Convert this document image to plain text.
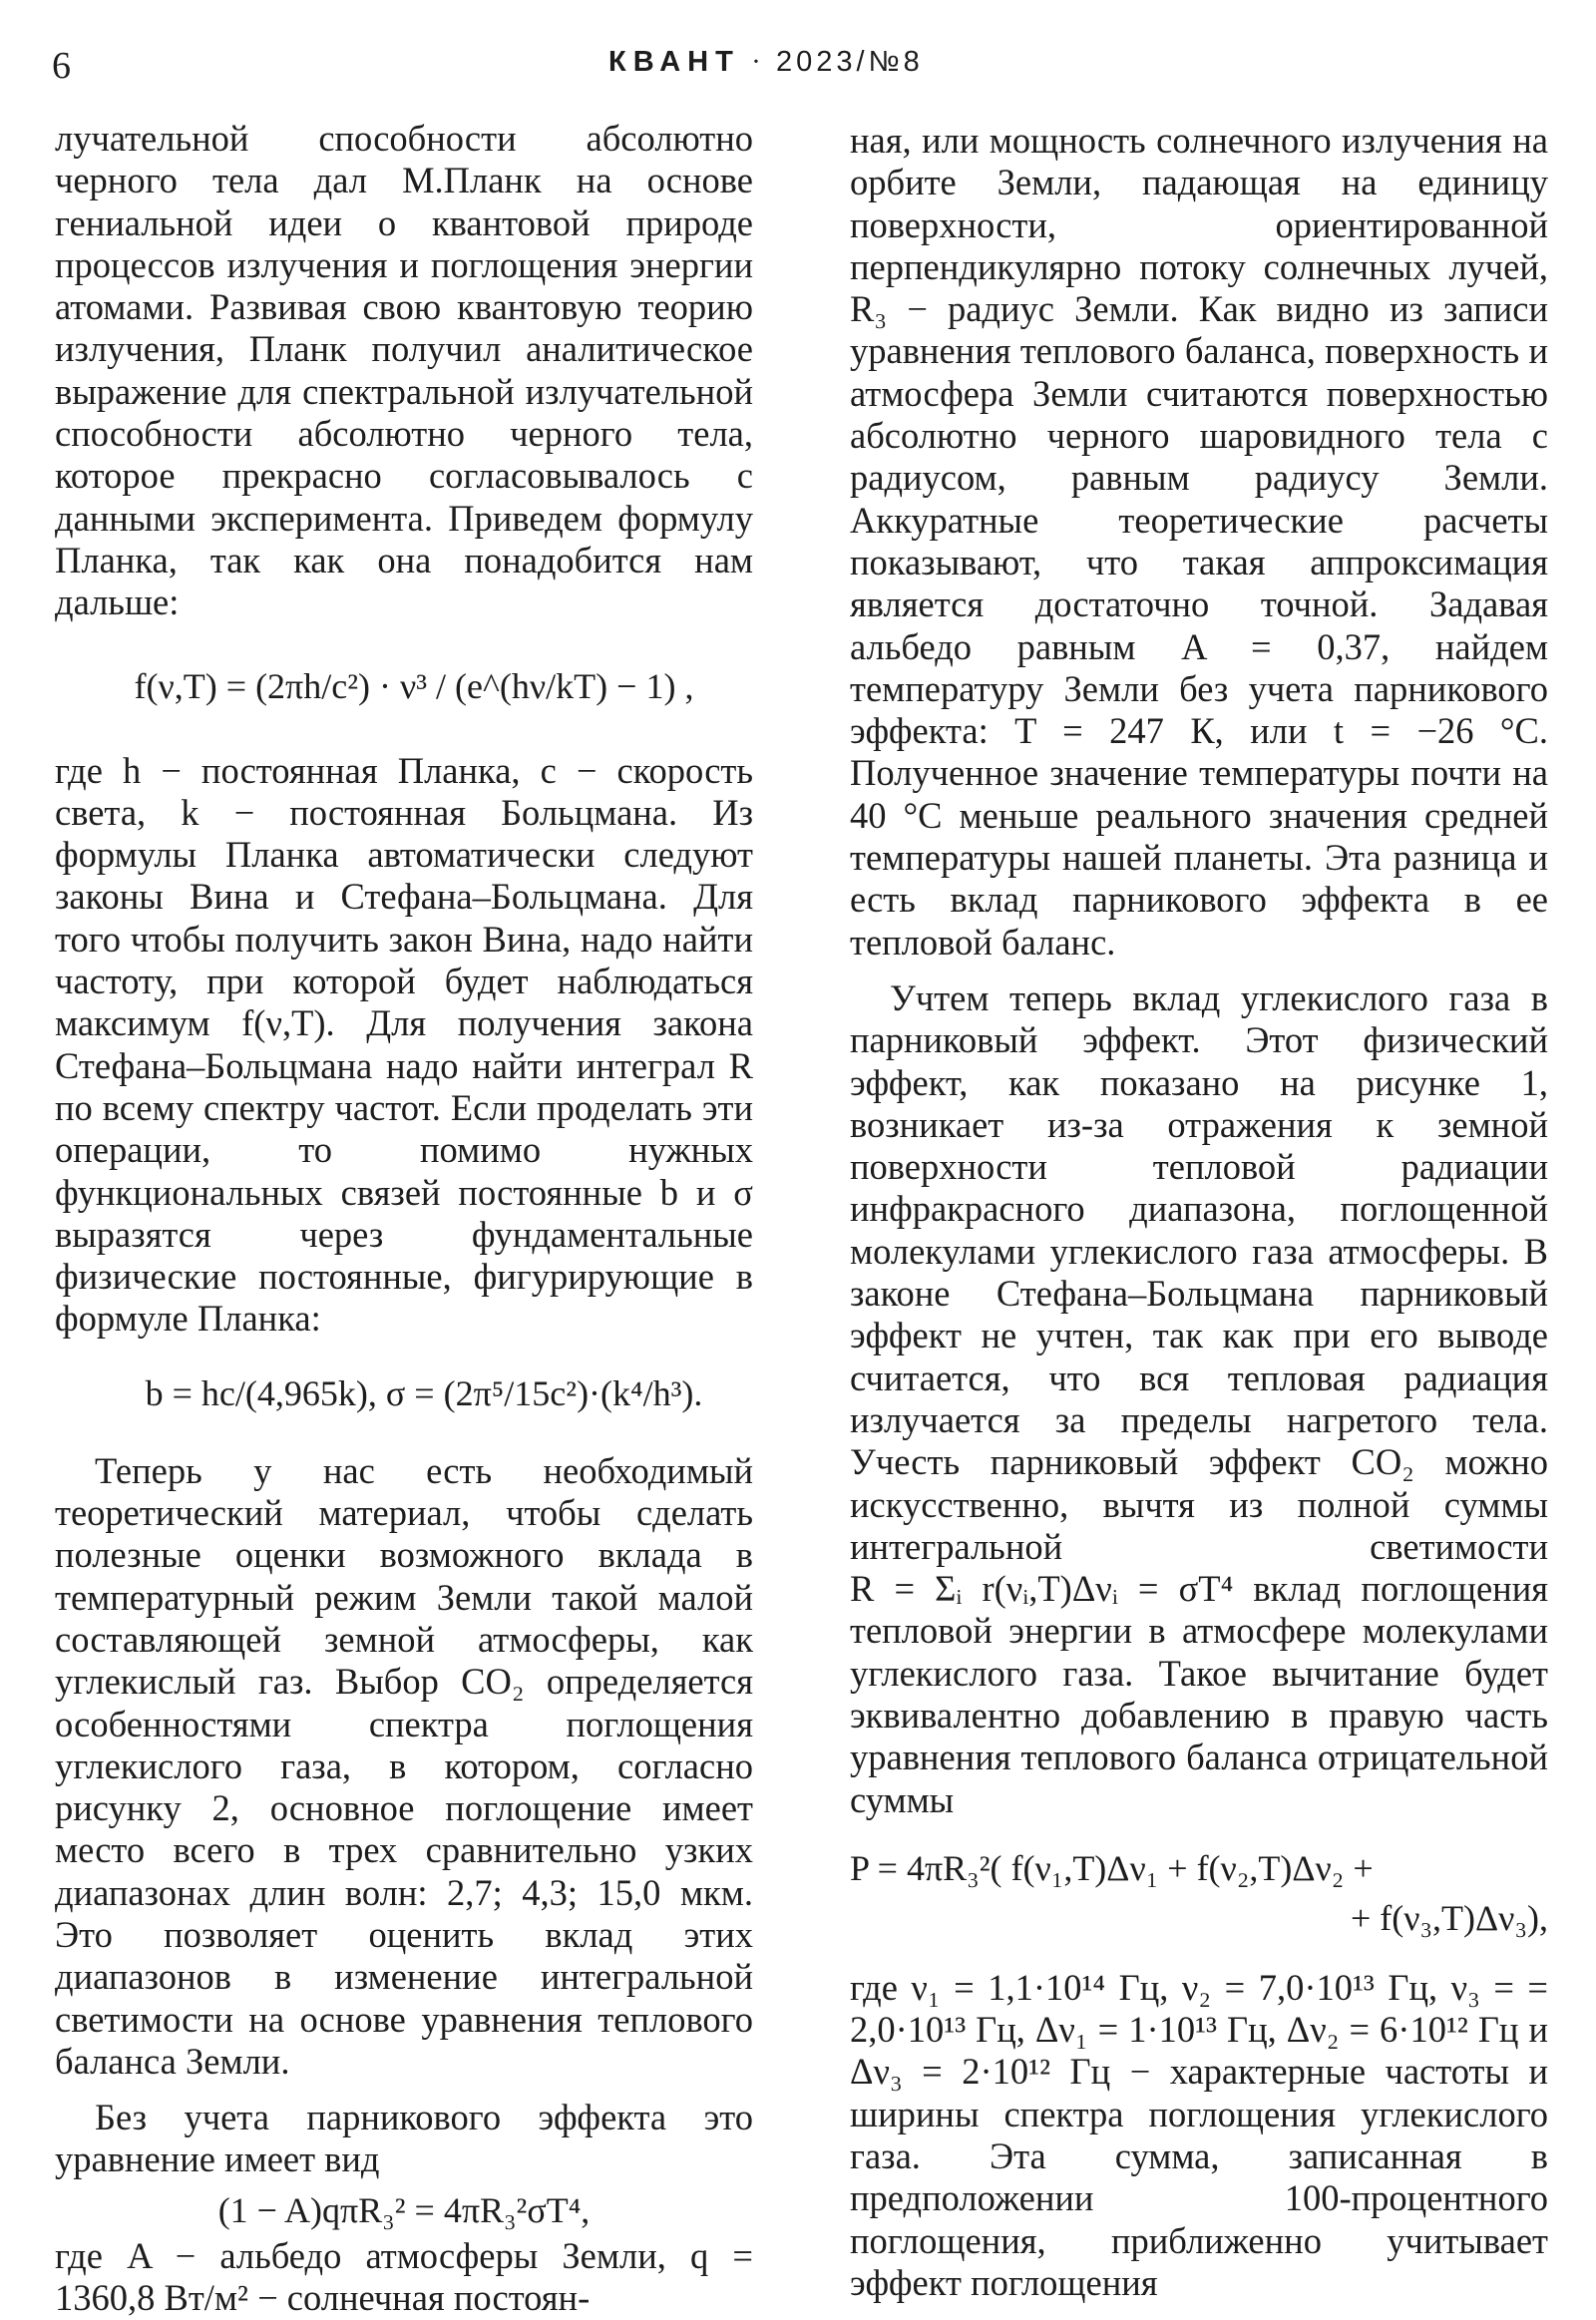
6	КВАНТ · 2023/№8

лучательной способности абсолютно черного тела дал М.Планк на основе гениальной идеи о квантовой природе процессов излучения и поглощения энергии атомами. Развивая свою квантовую теорию излучения, Планк получил аналитическое выражение для спектральной излучательной способности абсолютно черного тела, которое прекрасно согласовывалось с данными эксперимента. Приведем формулу Планка, так как она понадобится нам дальше:

f(ν,T) = (2πh/c²) · ν³ / (e^(hν/kT) − 1) ,

где h − постоянная Планка, c − скорость света, k − постоянная Больцмана. Из формулы Планка автоматически следуют законы Вина и Стефана–Больцмана. Для того чтобы получить закон Вина, надо найти частоту, при которой будет наблюдаться максимум f(ν,T). Для получения закона Стефана–Больцмана надо найти интеграл R по всему спектру частот. Если проделать эти операции, то помимо нужных функциональных связей постоянные b и σ выразятся через фундаментальные физические постоянные, фигурирующие в формуле Планка:

b = hc/(4,965k), σ = (2π⁵/15c²)·(k⁴/h³).

Теперь у нас есть необходимый теоретический материал, чтобы сделать полезные оценки возможного вклада в температурный режим Земли такой малой составляющей земной атмосферы, как углекислый газ. Выбор CO₂ определяется особенностями спектра поглощения углекислого газа, в котором, согласно рисунку 2, основное поглощение имеет место всего в трех сравнительно узких диапазонах длин волн: 2,7; 4,3; 15,0 мкм. Это позволяет оценить вклад этих диапазонов в изменение интегральной светимости на основе уравнения теплового баланса Земли.

Без учета парникового эффекта это уравнение имеет вид

(1 − A)qπR₃² = 4πR₃²σT⁴,

где A − альбедо атмосферы Земли, q = 1360,8 Вт/м² − солнечная постоян-

ная, или мощность солнечного излучения на орбите Земли, падающая на единицу поверхности, ориентированной перпендикулярно потоку солнечных лучей, R₃ − радиус Земли. Как видно из записи уравнения теплового баланса, поверхность и атмосфера Земли считаются поверхностью абсолютно черного шаровидного тела с радиусом, равным радиусу Земли. Аккуратные теоретические расчеты показывают, что такая аппроксимация является достаточно точной. Задавая альбедо равным A = 0,37, найдем температуру Земли без учета парникового эффекта: T = 247 К, или t = −26 °С. Полученное значение температуры почти на 40 °С меньше реального значения средней температуры нашей планеты. Эта разница и есть вклад парникового эффекта в ее тепловой баланс.

Учтем теперь вклад углекислого газа в парниковый эффект. Этот физический эффект, как показано на рисунке 1, возникает из-за отражения к земной поверхности тепловой радиации инфракрасного диапазона, поглощенной молекулами углекислого газа атмосферы. В законе Стефана–Больцмана парниковый эффект не учтен, так как при его выводе считается, что вся тепловая радиация излучается за пределы нагретого тела. Учесть парниковый эффект CO₂ можно искусственно, вычтя из полной суммы интегральной светимости R = Σᵢ r(νᵢ,T)Δνᵢ = σT⁴ вклад поглощения тепловой энергии в атмосфере молекулами углекислого газа. Такое вычитание будет эквивалентно добавлению в правую часть уравнения теплового баланса отрицательной суммы

P = 4πR₃²( f(ν₁,T)Δν₁ + f(ν₂,T)Δν₂ +
+ f(ν₃,T)Δν₃),

где ν₁ = 1,1·10¹⁴ Гц, ν₂ = 7,0·10¹³ Гц, ν₃ = = 2,0·10¹³ Гц, Δν₁ = 1·10¹³ Гц, Δν₂ = 6·10¹² Гц и Δν₃ = 2·10¹² Гц − характерные частоты и ширины спектра поглощения углекислого газа. Эта сумма, записанная в предположении 100-процентного поглощения, приближенно учитывает эффект поглощения
